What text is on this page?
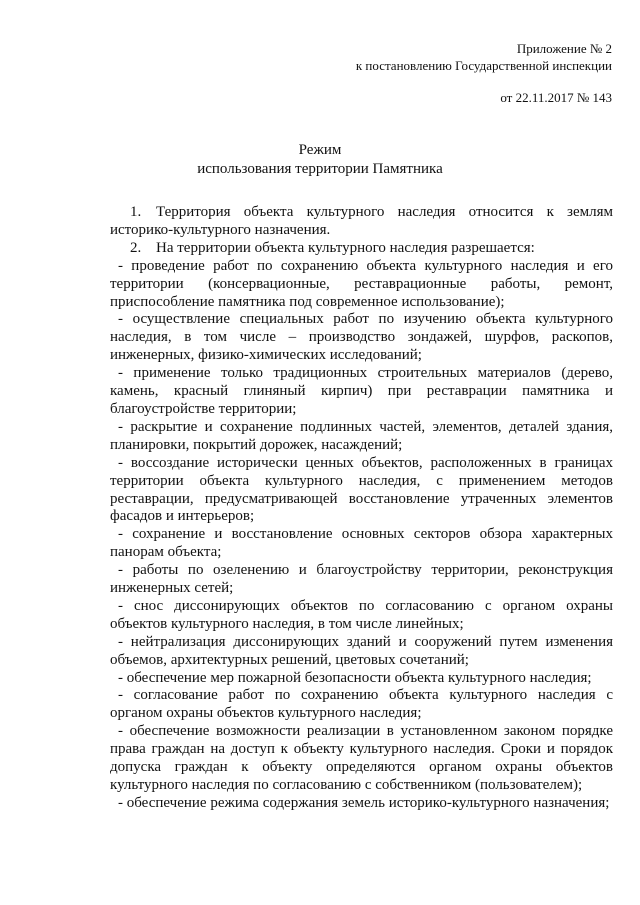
Приложение № 2
к постановлению Государственной инспекции
от 22.11.2017 № 143
Режим
использования территории Памятника

1. Территория объекта культурного наследия относится к землям историко-культурного назначения.

2. На территории объекта культурного наследия разрешается:

- проведение работ по сохранению объекта культурного наследия и его территории (консервационные, реставрационные работы, ремонт, приспособление памятника под современное использование);

- осуществление специальных работ по изучению объекта культурного наследия, в том числе – производство зондажей, шурфов, раскопов, инженерных, физико-химических исследований;

- применение только традиционных строительных материалов (дерево, камень, красный глиняный кирпич) при реставрации памятника и благоустройстве территории;

- раскрытие и сохранение подлинных частей, элементов, деталей здания, планировки, покрытий дорожек, насаждений;

- воссоздание исторически ценных объектов, расположенных в границах территории объекта культурного наследия, с применением методов реставрации, предусматривающей восстановление утраченных элементов фасадов и интерьеров;

- сохранение и восстановление основных секторов обзора характерных панорам объекта;

- работы по озеленению и благоустройству территории, реконструкция инженерных сетей;

- снос диссонирующих объектов по согласованию с органом охраны объектов культурного наследия, в том числе линейных;

- нейтрализация диссонирующих зданий и сооружений путем изменения объемов, архитектурных решений, цветовых сочетаний;

- обеспечение мер пожарной безопасности объекта культурного наследия;

- согласование работ по сохранению объекта культурного наследия с органом охраны объектов культурного наследия;

- обеспечение возможности реализации в установленном законом порядке права граждан на доступ к объекту культурного наследия. Сроки и порядок допуска граждан к объекту определяются органом охраны объектов культурного наследия по согласованию с собственником (пользователем);

- обеспечение режима содержания земель историко-культурного назначения;
